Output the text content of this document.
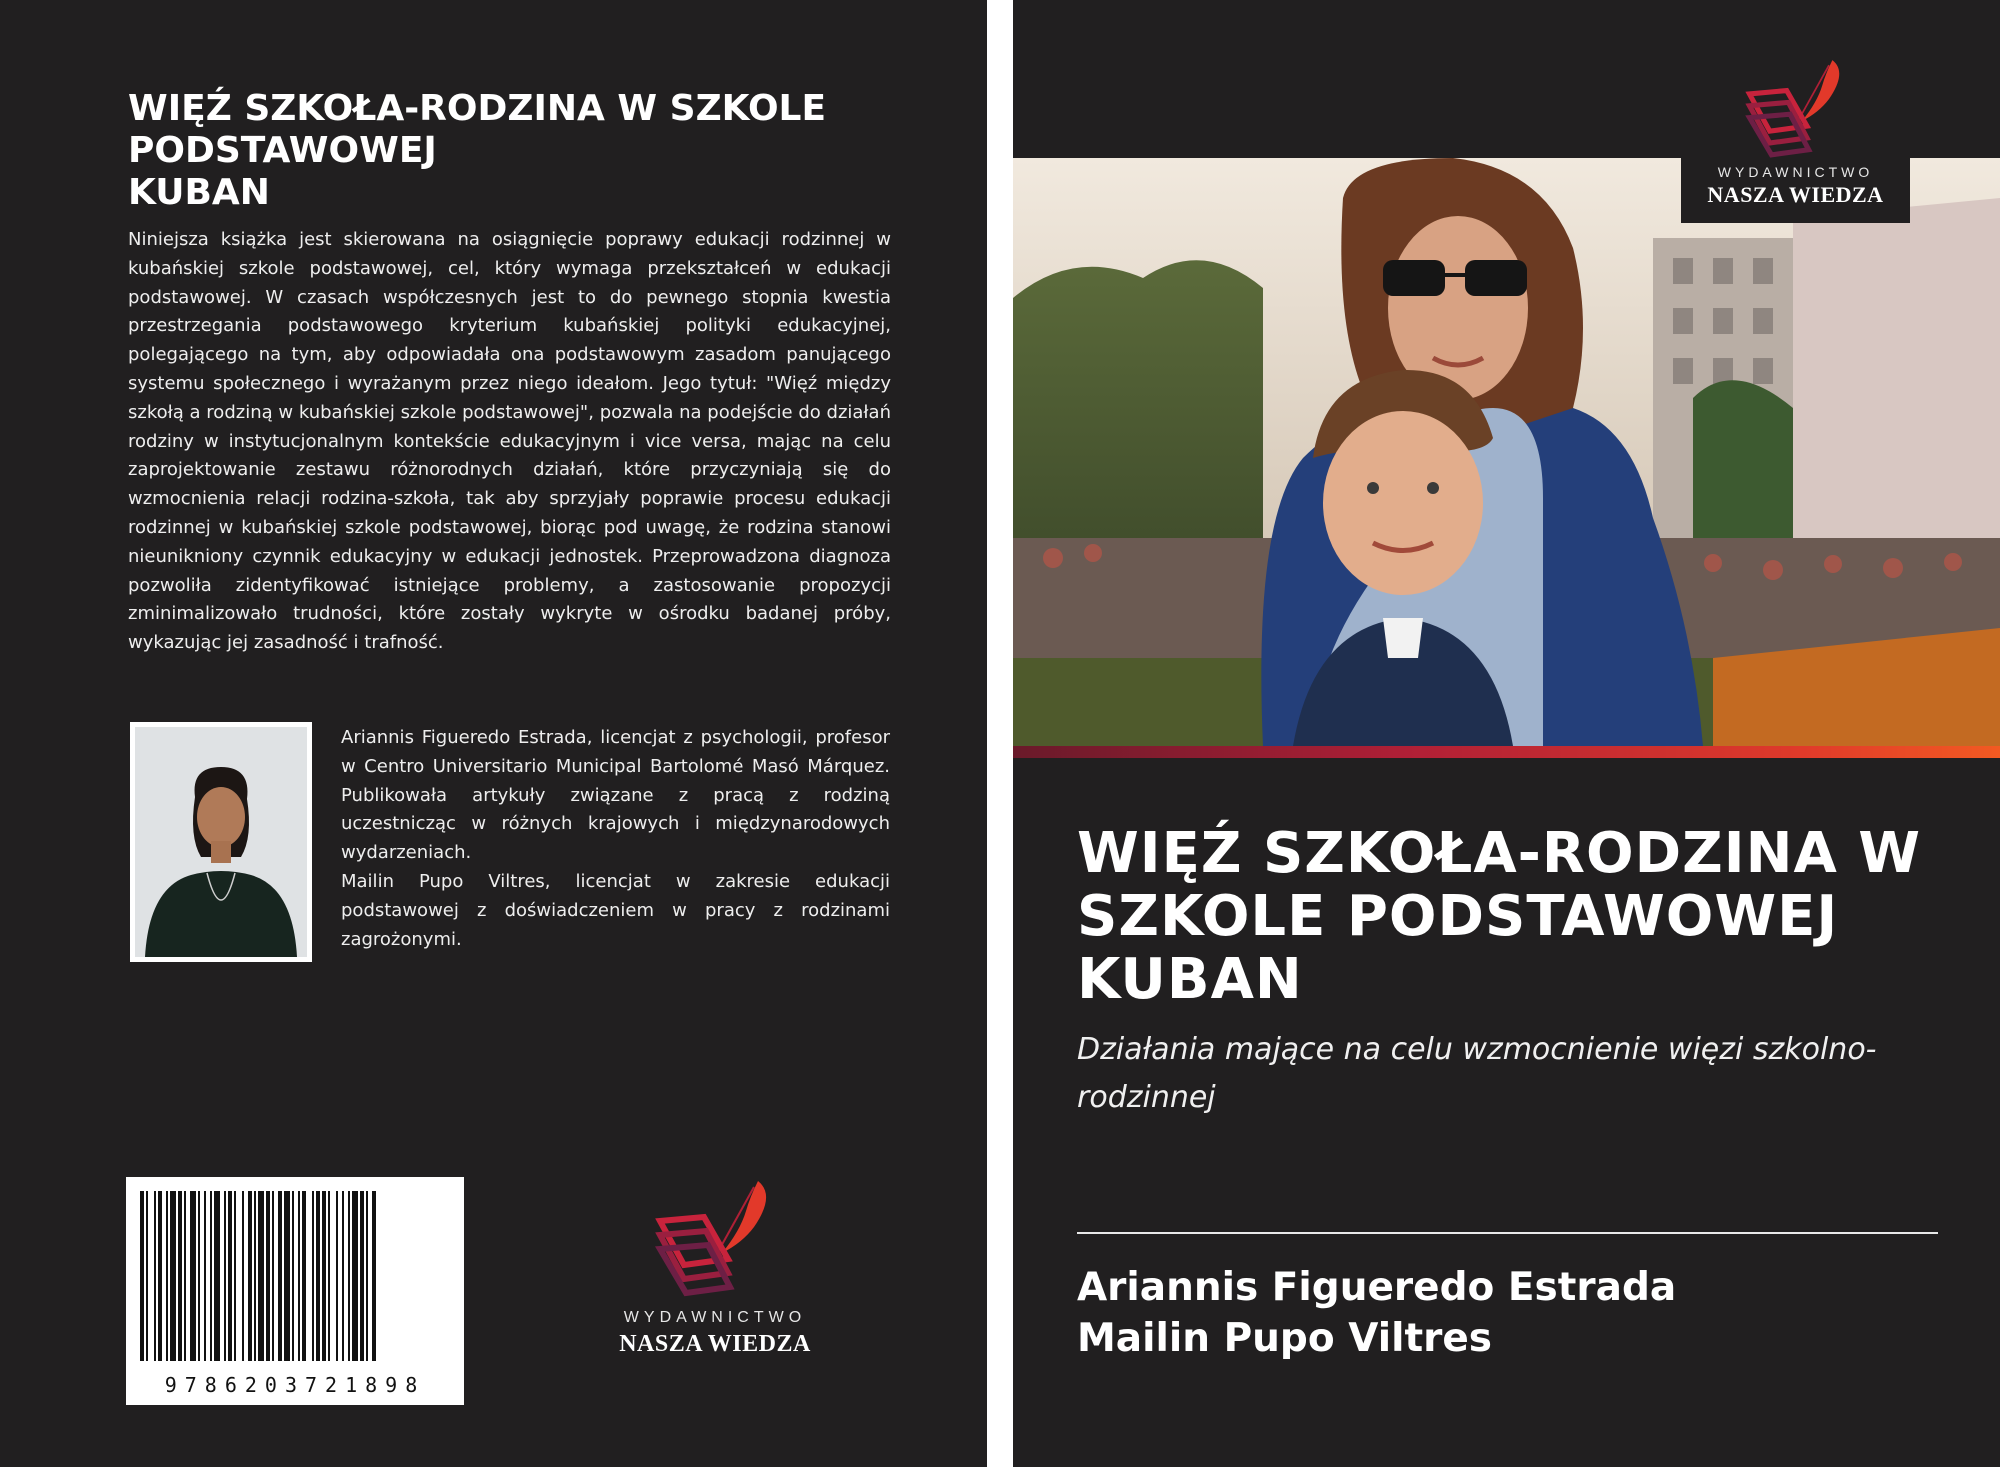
WIĘŹ SZKOŁA-RODZINA W SZKOLE
PODSTAWOWEJ
KUBAN

Niniejsza książka jest skierowana na osiągnięcie poprawy edukacji rodzinnej w kubańskiej szkole podstawowej, cel, który wymaga przekształceń w edukacji podstawowej. W czasach współczesnych jest to do pewnego stopnia kwestia przestrzegania podstawowego kryterium kubańskiej polityki edukacyjnej, polegającego na tym, aby odpowiadała ona podstawowym zasadom panującego systemu społecznego i wyrażanym przez niego ideałom. Jego tytuł: "Więź między szkołą a rodziną w kubańskiej szkole podstawowej", pozwala na podejście do działań rodziny w instytucjonalnym kontekście edukacyjnym i vice versa, mając na celu zaprojektowanie zestawu różnorodnych działań, które przyczyniają się do wzmocnienia relacji rodzina-szkoła, tak aby sprzyjały poprawie procesu edukacji rodzinnej w kubańskiej szkole podstawowej, biorąc pod uwagę, że rodzina stanowi nieunikniony czynnik edukacyjny w edukacji jednostek. Przeprowadzona diagnoza pozwoliła zidentyfikować istniejące problemy, a zastosowanie propozycji zminimalizowało trudności, które zostały wykryte w ośrodku badanej próby, wykazując jej zasadność i trafność.

Ariannis Figueredo Estrada, licencjat z psychologii, profesor w Centro Universitario Municipal Bartolomé Masó Márquez. Publikowała artykuły związane z pracą z rodziną uczestnicząc w różnych krajowych i międzynarodowych wydarzeniach.

Mailin Pupo Viltres, licencjat w zakresie edukacji podstawowej z doświadczeniem w pracy z rodzinami zagrożonymi.

9786203721898
WYDAWNICTWO
NASZA WIEDZA
WYDAWNICTWO
NASZA WIEDZA
WIĘŹ SZKOŁA-RODZINA W
SZKOLE PODSTAWOWEJ
KUBAN

Działania mające na celu wzmocnienie więzi szkolno-rodzinnej

Ariannis Figueredo Estrada
Mailin Pupo Viltres
